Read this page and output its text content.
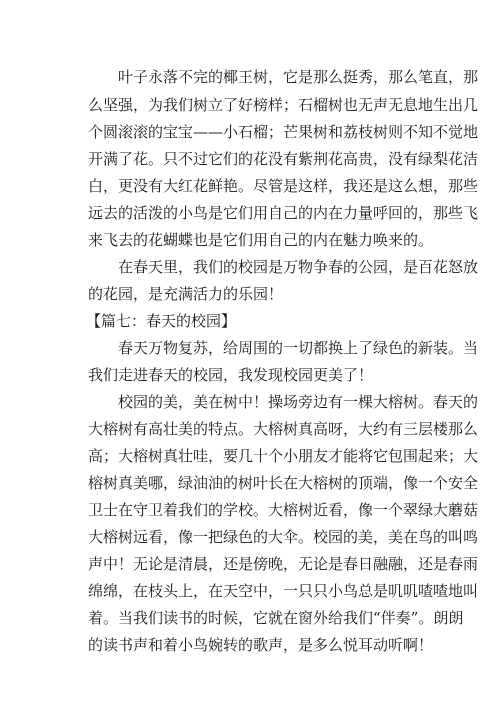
叶子永落不完的椰王树，它是那么挺秀，那么笔直，那
么坚强，为我们树立了好榜样；石榴树也无声无息地生出几
个圆滚滚的宝宝——小石榴；芒果树和荔枝树则不知不觉地
开满了花。只不过它们的花没有紫荆花高贵，没有绿梨花洁
白，更没有大红花鲜艳。尽管是这样，我还是这么想，那些
远去的活泼的小鸟是它们用自己的内在力量呼回的，那些飞
来飞去的花蝴蝶也是它们用自己的内在魅力唤来的。
在春天里，我们的校园是万物争春的公园，是百花怒放
的花园，是充满活力的乐园！
【篇七：春天的校园】
春天万物复苏，给周围的一切都换上了绿色的新装。当
我们走进春天的校园，我发现校园更美了！
校园的美，美在树中！操场旁边有一棵大榕树。春天的
大榕树有高壮美的特点。大榕树真高呀，大约有三层楼那么
高；大榕树真壮哇，要几十个小朋友才能将它包围起来；大
榕树真美哪，绿油油的树叶长在大榕树的顶端，像一个安全
卫士在守卫着我们的学校。大榕树近看，像一个翠绿大蘑菇
大榕树远看，像一把绿色的大伞。校园的美，美在鸟的叫鸣
声中！无论是清晨，还是傍晚，无论是春日融融，还是春雨
绵绵，在枝头上，在天空中，一只只小鸟总是叽叽喳喳地叫
着。当我们读书的时候，它就在窗外给我们“伴奏”。朗朗
的读书声和着小鸟婉转的歌声，是多么悦耳动听啊！
